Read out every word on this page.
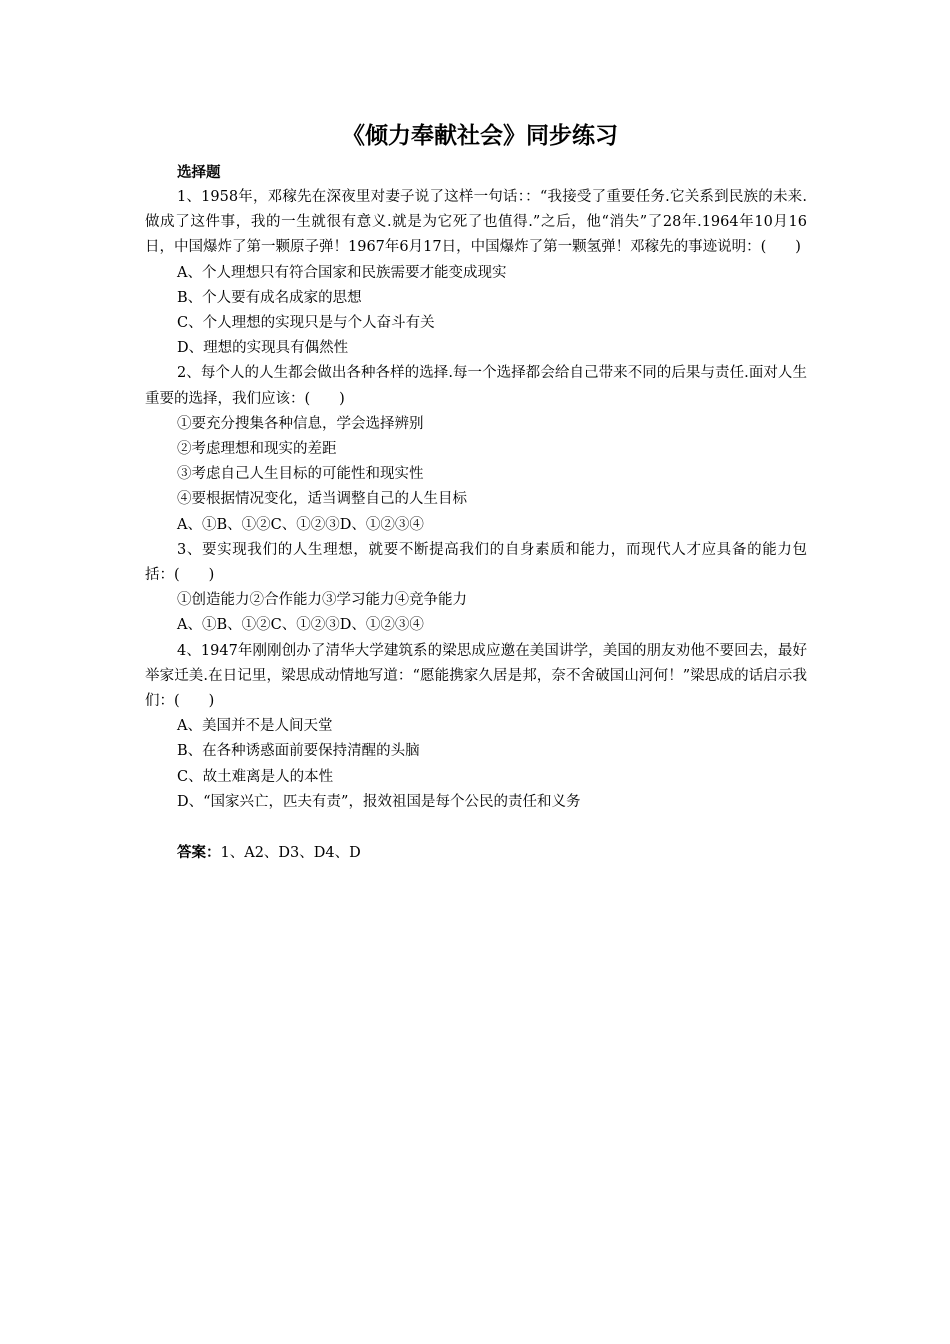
《倾力奉献社会》同步练习
选择题

1、1958年，邓稼先在深夜里对妻子说了这样一句话：：“我接受了重要任务.它关系到民族的未来.做成了这件事，我的一生就很有意义.就是为它死了也值得.”之后，他“消失”了28年.1964年10月16日，中国爆炸了第一颗原子弹！1967年6月17日，中国爆炸了第一颗氢弹！邓稼先的事迹说明：(　　)

A、个人理想只有符合国家和民族需要才能变成现实
B、个人要有成名成家的思想
C、个人理想的实现只是与个人奋斗有关
D、理想的实现具有偶然性

2、每个人的人生都会做出各种各样的选择.每一个选择都会给自己带来不同的后果与责任.面对人生重要的选择，我们应该：(　　)

①要充分搜集各种信息，学会选择辨别
②考虑理想和现实的差距
③考虑自己人生目标的可能性和现实性
④要根据情况变化，适当调整自己的人生目标
A、①B、①②C、①②③D、①②③④

3、要实现我们的人生理想，就要不断提高我们的自身素质和能力，而现代人才应具备的能力包括：(　　)

①创造能力②合作能力③学习能力④竞争能力
A、①B、①②C、①②③D、①②③④

4、1947年刚刚创办了清华大学建筑系的梁思成应邀在美国讲学，美国的朋友劝他不要回去，最好举家迁美.在日记里，梁思成动情地写道：“愿能携家久居是邦，奈不舍破国山河何！”梁思成的话启示我们：(　　)

A、美国并不是人间天堂
B、在各种诱惑面前要保持清醒的头脑
C、故土难离是人的本性
D、“国家兴亡，匹夫有责”，报效祖国是每个公民的责任和义务
答案：1、A2、D3、D4、D
